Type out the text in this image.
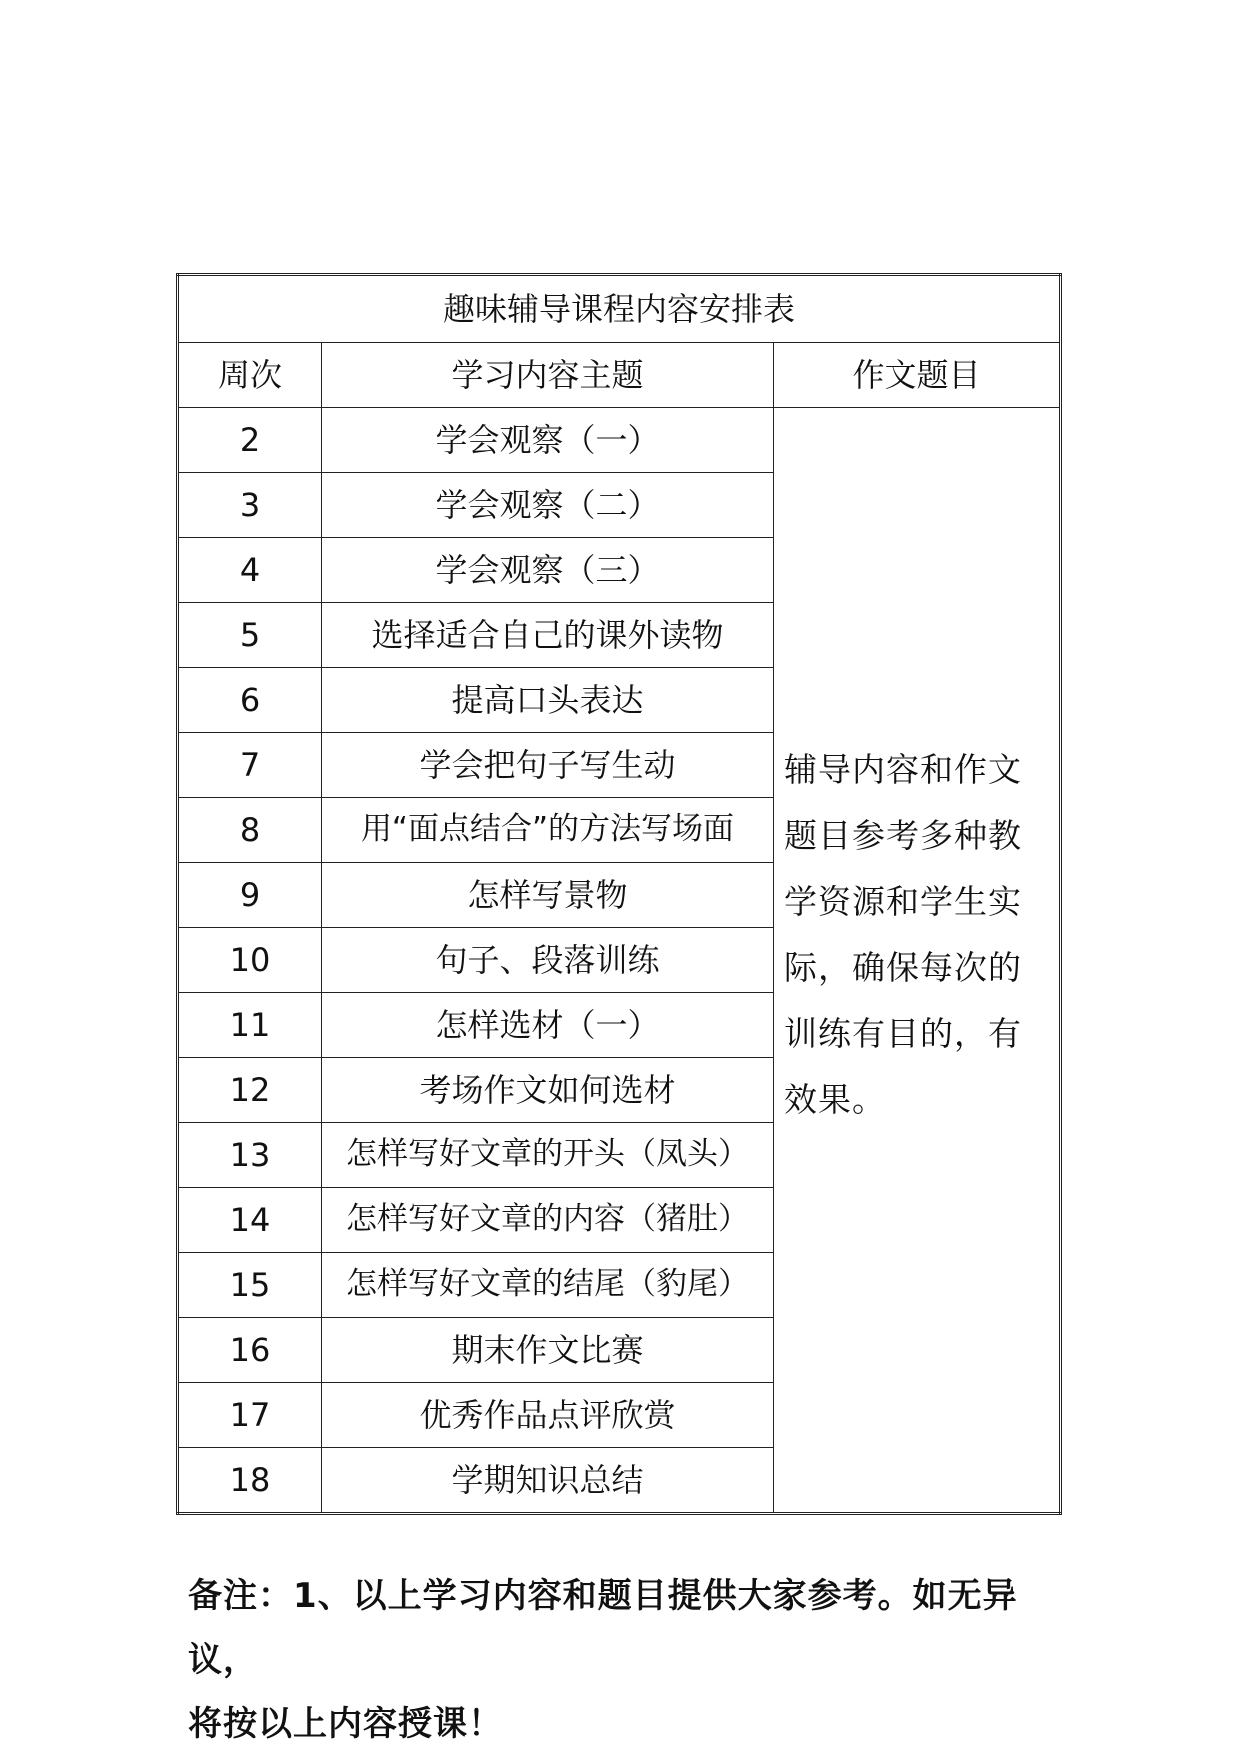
趣味辅导课程内容安排表		
周次	学习内容主题	作文题目
2	学会观察（一）	辅导内容和作文题目参考多种教学资源和学生实际，确保每次的训练有目的，有效果。
3	学会观察（二）	
4	学会观察（三）	
5	选择适合自己的课外读物	
6	提高口头表达	
7	学会把句子写生动	
8	用“面点结合”的方法写场面	
9	怎样写景物	
10	句子、段落训练	
11	怎样选材（一）	
12	考场作文如何选材	
13	怎样写好文章的开头（凤头）	
14	怎样写好文章的内容（猪肚）	
15	怎样写好文章的结尾（豹尾）	
16	期末作文比赛	
17	优秀作品点评欣赏	
18	学期知识总结	

备注：1、以上学习内容和题目提供大家参考。如无异议，

将按以上内容授课！
